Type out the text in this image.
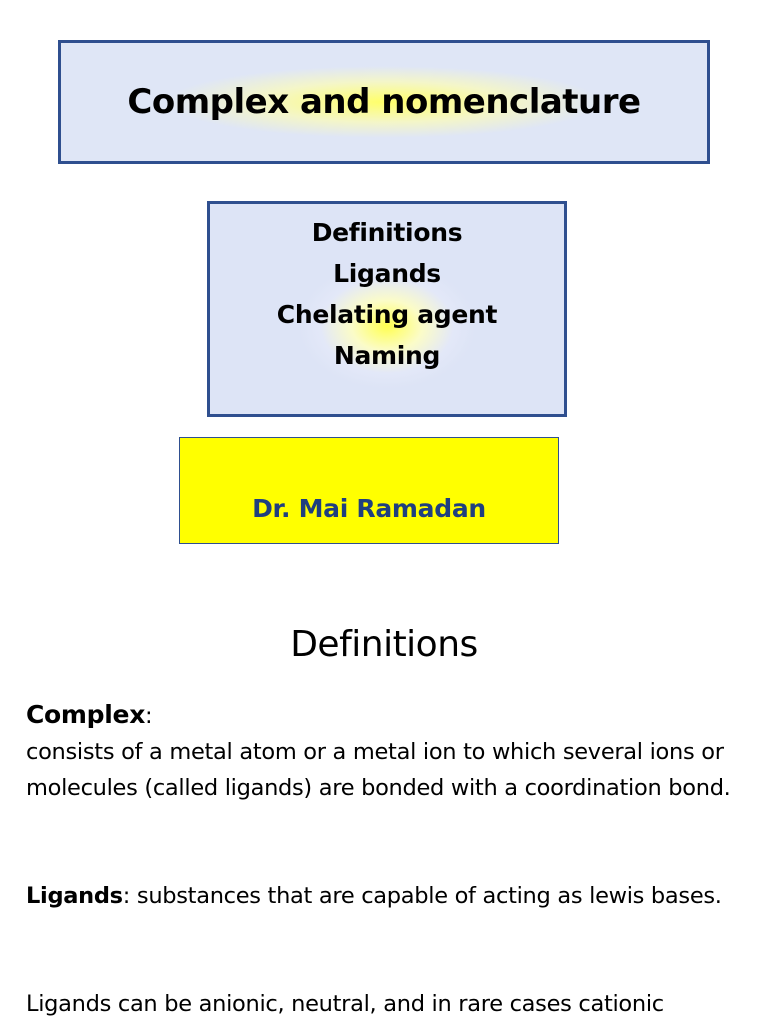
Complex and nomenclature
Definitions
Ligands
Chelating agent
Naming
Dr. Mai Ramadan
Definitions
Complex:
consists of a metal atom or a metal ion to which several ions or molecules (called ligands) are bonded with a coordination bond.
Ligands: substances that are capable of acting as lewis bases.
Ligands can be anionic, neutral, and in rare cases cationic
